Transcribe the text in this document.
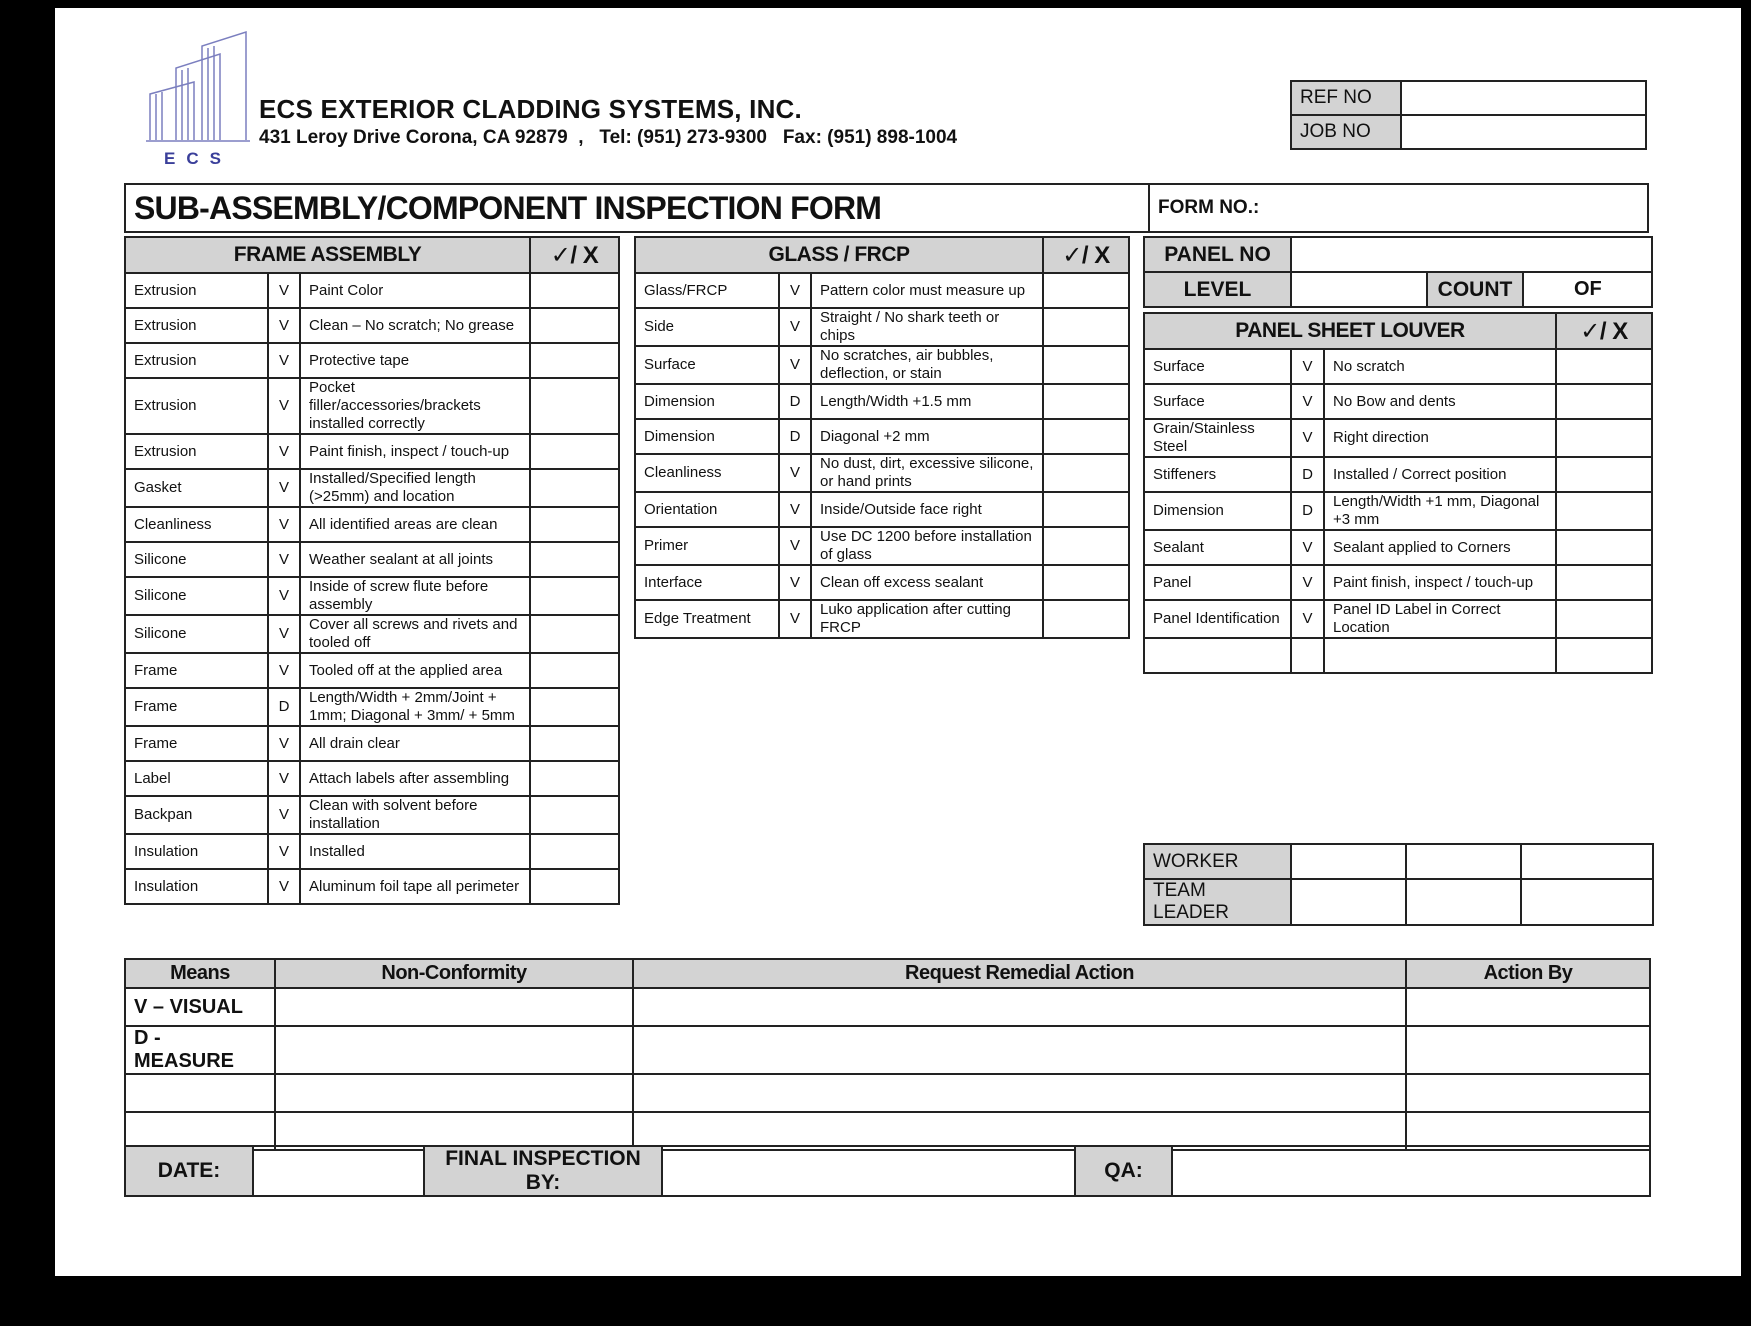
ECS
ECS EXTERIOR CLADDING SYSTEMS, INC.
431 Leroy Drive Corona, CA 92879  ,   Tel: (951) 273-9300 Fax: (951) 898-1004
REF NO	
JOB NO	
SUB-ASSEMBLY/COMPONENT INSPECTION FORM	FORM NO.:
FRAME ASSEMBLY			✓/ X
Extrusion	V	Paint Color	
Extrusion	V	Clean – No scratch; No grease	
Extrusion	V	Protective tape	
Extrusion	V	Pocket filler/accessories/brackets installed correctly	
Extrusion	V	Paint finish, inspect / touch-up	
Gasket	V	Installed/Specified length (>25mm) and location	
Cleanliness	V	All identified areas are clean	
Silicone	V	Weather sealant at all joints	
Silicone	V	Inside of screw flute before assembly	
Silicone	V	Cover all screws and rivets and tooled off	
Frame	V	Tooled off at the applied area	
Frame	D	Length/Width + 2mm/Joint + 1mm; Diagonal + 3mm/ + 5mm	
Frame	V	All drain clear	
Label	V	Attach labels after assembling	
Backpan	V	Clean with solvent before installation	
Insulation	V	Installed	
Insulation	V	Aluminum foil tape all perimeter	
GLASS / FRCP			✓/ X
Glass/FRCP	V	Pattern color must measure up	
Side	V	Straight / No shark teeth or chips	
Surface	V	No scratches, air bubbles, deflection, or stain	
Dimension	D	Length/Width +1.5 mm	
Dimension	D	Diagonal +2 mm	
Cleanliness	V	No dust, dirt, excessive silicone, or hand prints	
Orientation	V	Inside/Outside face right	
Primer	V	Use DC 1200 before installation of glass	
Interface	V	Clean off excess sealant	
Edge Treatment	V	Luko application after cutting FRCP	
PANEL NO			
LEVEL		COUNT	OF
PANEL SHEET LOUVER			✓/ X
Surface	V	No scratch	
Surface	V	No Bow and dents	
Grain/Stainless Steel	V	Right direction	
Stiffeners	D	Installed / Correct position	
Dimension	D	Length/Width +1 mm, Diagonal +3 mm	
Sealant	V	Sealant applied to Corners	
Panel	V	Paint finish, inspect / touch-up	
Panel Identification	V	Panel ID Label in Correct Location	

WORKER			
TEAM LEADER			
Means	Non-Conformity	Request Remedial Action	Action By
V – VISUAL			
D - MEASURE			

DATE:		FINAL INSPECTION BY:		QA:	
